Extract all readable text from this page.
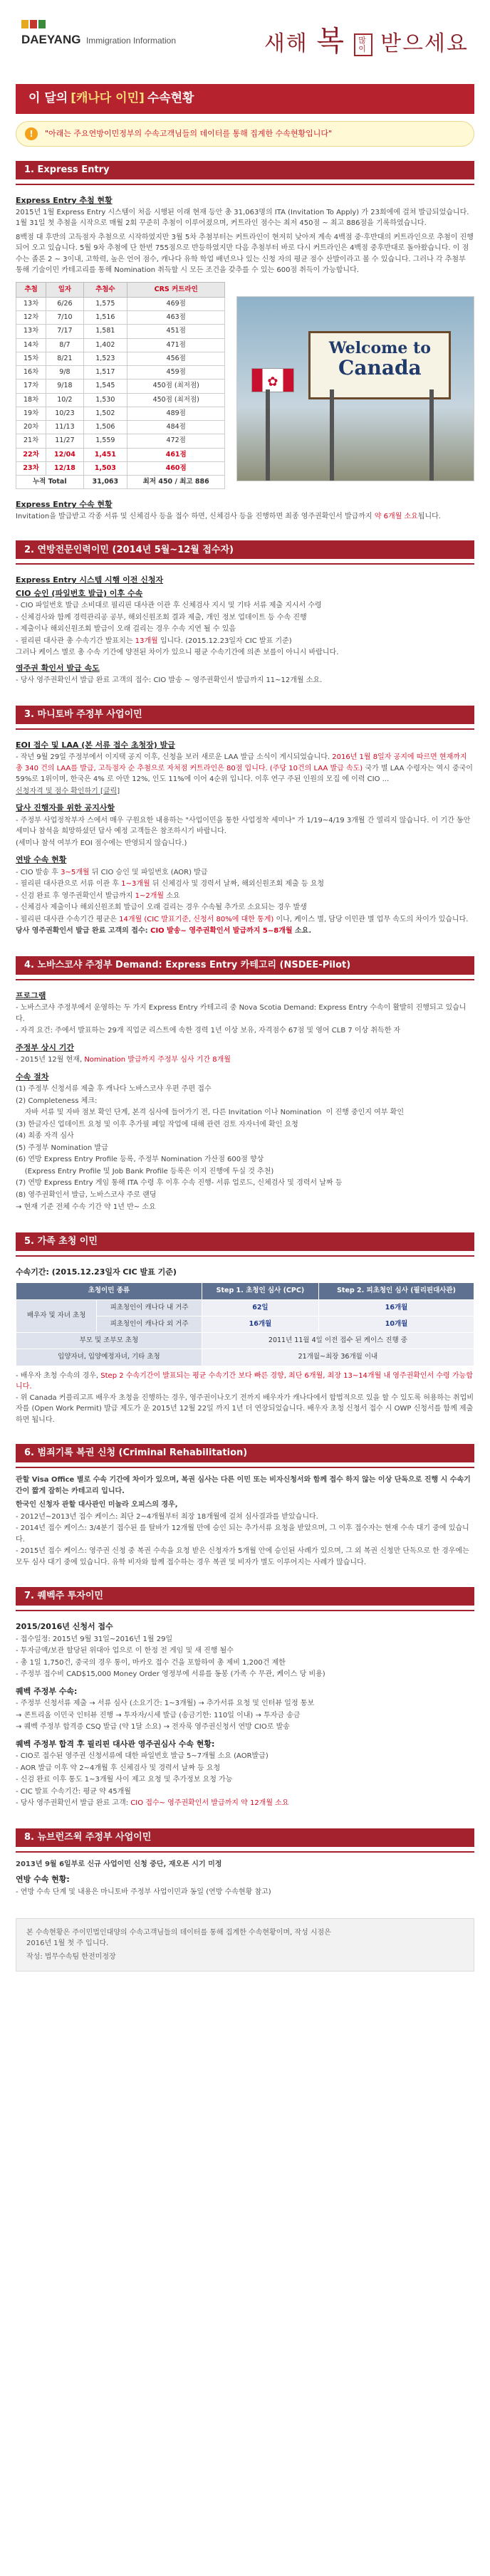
DAEYANG Immigration Information	새해 복 많이 받으세요
이 달의 [캐나다 이민] 수속현황
!	"아래는 주요연방이민정부의 수속고객님들의 데이터를 통해 집계한 수속현황입니다"
1. Express Entry
Express Entry 추첨 현황

2015년 1월 Express Entry 시스템이 처음 시행된 이래 현재 등안 총 31,063명의 ITA (Invitation To Apply) 가 23회에에 걸쳐 발급되었습니다. 1월 31일 첫 추첨을 시작으로 매월 2회 꾸준히 추첨이 이루어졌으며, 커트라인 점수는 최저 450점 ~ 최고 886점을 기록하였습니다.

8백점 대 후반의 고득점자 추첨으로 시작하였지만 3월 5차 추첨부터는 커트라인이 현저히 낮아져 계속 4백점 중·후반대의 커트라인으로 추첨이 진행되어 오고 있습니다. 5월 9차 추첨에 단 한번 755점으로 반등하였지만 다음 추첨부터 바로 다시 커트라인은 4백점 중후반대로 돌아왔습니다. 이 점수는 졸론 2 ~ 3이내, 고학력, 높은 언어 점수, 캐나다 유학 학업 배년으나 있는 신청 자의 평균 점수 산발이라고 볼 수 있습니다. 그러나 각 추첨부 통해 기술이민 카테고리를 통해 Nomination 취득할 시 모든 조건을 갖추를 수 있는 600점 취득이 가능합니다.

추첨	일자	추첨수	CRS 커트라인
13차	6/26	1,575	469점
12차	7/10	1,516	463점
13차	7/17	1,581	451점
14차	8/7	1,402	471점
15차	8/21	1,523	456점
16차	9/8	1,517	459점
17차	9/18	1,545	450점 (최저점)
18차	10/2	1,530	450점 (최저점)
19차	10/23	1,502	489점
20차	11/13	1,506	484점
21차	11/27	1,559	472점
22차	12/04	1,451	461점
23차	12/18	1,503	460점
누적 Total		31,063	최저 450 / 최고 886
✿
Welcome to
Canada
Express Entry 수속 현황

Invitation을 발급받고 각종 서류 및 신체검사 등을 접수 하면, 신체검사 등을 진행하면 최종 영주권확인서 발급까지 약 6개월 소요됩니다.

2. 연방전문인력이민 (2014년 5월~12월 접수자)
Express Entry 시스템 시행 이전 신청자
CIO 승인 (파일번호 발급) 이후 수속

- CIO 파일번호 발급 소비대로 필리핀 대사관 이관 후 신체검사 지시 및 기타 서류 제출 지시서 수령

- 신체검사와 함께 경력관리공 공부, 해외신원조회 결과 제출, 개인 정보 업데이트 등 수속 진행

- 제출이나 해외신원조회 발급이 오래 걸리는 경우 수속 지연 될 수 있음

- 필리핀 대사관 총 수속기간 발표치는 13개월 입니다. (2015.12.23일자 CIC 발표 기준)

그러나 케이스 별로 총 수속 기간에 양전된 차이가 있으니 평균 수속기간에 의존 보를이 아니시 바랍니다.

영주권 확인서 발급 속도

- 당사 영주권확인서 발급 완료 고객의 접수: CIO 발송 ~ 영주권확인서 발급까지 11~12개월 소요.

3. 마니토바 주정부 사업이민
EOI 접수 및 LAA (본 서류 접수 초청장) 발급

- 작년 9월 29일 주정부에서 이지택 공지 이후, 신청을 보러 새로운 LAA 발급 소식이 게시되었습니다. 2016년 1월 8일자 공지에 따르면 현재까지 총 340 건의 LAA를 발급, 고득점자 순 추첨으로 자처점 커트라인은 80점 입니다. (주당 10건의 LAA 발급 속도) 국가 별 LAA 수령자는 역시 중국이 59%로 1위이며, 한국은 4% 로 아만 12%, 인도 11%에 이어 4순위 입니다. 이후 연구 주된 인원의 모집 에 이력 CIO ...

신청자격 및 점수 확인하기 [클릭]

답사 진행자를 위한 공지사항

- 주정부 사업정착부자 스에서 매우 구원요한 내용하는 "사업이민을 통한 사업정착 세미나" 가 1/19~4/19 3개월 간 열리지 않습니다. 이 기간 동안 세미나 참석을 희망하셨던 답사 예정 고객들은 참조하시기 바랍니다.

(세미나 참석 여부가 EOI 점수에는 반영되지 않습니다.)

연방 수속 현황

- CIO 발송 후 3~5개월 뒤 CIO 승인 및 파일번호 (AOR) 발급

- 필리핀 대사관으로 서류 이관 후 1~3개월 뒤 신체검사 및 경력서 날짜, 해외신원조회 제출 등 요청

- 신검 완료 후 영주권확인서 발급까지 1~2개월 소요

- 신체검사 제출이나 해외신원조회 발급이 오래 걸리는 경우 수속될 추가로 소요되는 경우 발생

- 필리핀 대사관 수속기간 평균은 14개월 (CIC 발표기준, 신청서 80%에 대한 통계) 이나, 케이스 별, 담당 이민관 별 업무 속도의 차이가 있습니다.

당사 영주권확인서 발급 완료 고객의 접수: CIO 발송~ 영주권확인서 발급까지 5~8개월 소요.

4. 노바스코샤 주정부 Demand: Express Entry 카테고리 (NSDEE-Pilot)
프로그램

- 노바스코샤 주정부에서 운영하는 두 가지 Express Entry 카테고리 중 Nova Scotia Demand: Express Entry 수속이 활발히 진행되고 있습니다.

- 자격 요건: 주에서 발표하는 29개 직업군 리스트에 속한 경력 1년 이상 보유, 자격점수 67점 및 영어 CLB 7 이상 취득한 자

주정부 상시 기간

- 2015년 12월 현재, Nomination 발급까지 주정부 심사 기간 8개월

수속 절차

(1) 주정부 신청서류 제출 후 캐나다 노바스코샤 우편 주편 접수

(2) Completeness 체크:

자바 서류 및 자바 점보 확인 단계, 본격 심사에 들어가기 전, 다른 Invitation 이나 Nomination  이 진행 중인지 여부 확인

(3) 한글자신 업데이트 요청 및 이후 추가필 폐일 작업에 대해 관련 검토 자자너에 확인 요청

(4) 최종 자격 심사

(5) 주정부 Nomination 발급

(6) 연방 Express Entry Profile 등록, 주정부 Nomination 가산점 600점 향상

(Express Entry Profile 및 Job Bank Profile 등록은 이지 진행에 두실 것 추천)

(7) 연방 Express Entry 게임 통해 ITA 수령 후 이후 수속 진행- 서류 업로드, 신체검사 및 경력서 날짜 등

(8) 영주권확인서 발급, 노바스코샤 주로 랜딩

→ 현재 기준 전체 수속 기간 약 1년 반~ 소요

5. 가족 초청 이민
수속기간: (2015.12.23일자 CIC 발표 기준)
초청이민 종류		Step 1. 초청인 심사 (CPC)	Step 2. 피초청인 심사 (필리핀대사관)
배우자 및 자녀 초청	피초청인이 캐나다 내 거주	62일	16개월
	피초청인이 캐나다 외 거주	16개월	10개월
부모 및 조부모 초청		2011년 11월 4일 이전 접수 된 케이스 진행 중	
입양자녀, 입양예정자녀, 기타 초청		21개월~최장 36개월 이내	

- 배우자 초청 수속의 경우, Step 2 수속기간이 발표되는 평균 수속기간 보다 빠른 경향, 최단 6개월, 최장 13~14개월 내 영주권확인서 수령 가능합니다.

- 위 Canada 커플리고프 배우자 초청을 진행하는 경우, 영주권이나오기 전까지 배우자가 캐나다에서 합법적으로 있을 할 수 있도록 허용하는 취업비자를 (Open Work Permit) 발급 제도가 운 2015년 12월 22일 까지 1년 더 연장되었습니다. 배우자 초청 신청서 접수 시 OWP 신청서를 함께 제출하면 됩니다.

6. 범죄기록 복권 신청 (Criminal Rehabilitation)

관할 Visa Office 별로 수속 기간에 차이가 있으며, 복권 심사는 다른 이민 또는 비자신청서와 함께 접수 하지 않는 이상 단독으로 진행 시 수속기간이 짧게 잡히는 카테고리 입니다.

한국인 신청자 관할 대사관인 미놀라 오피스의 경우,

- 2012년~2013년 접수 케이스: 최단 2~4개월부터 최장 18개월에 걸쳐 심사결과를 받았습니다.

- 2014년 접수 케이스: 3/4분기 접수된 를 탈바가 12개월 만에 승인 되는 추가서류 요청을 받았으며, 그 이후 접수자는 현재 수속 대기 중에 있습니다.

- 2015년 접수 케이스: 영주권 신청 중 복권 수속을 요청 받은 신청자가 5개월 안에 승인된 사례가 있으며, 그 외 복권 신청만 단독으로 한 경우에는 모두 심사 대기 중에 있습니다. 유학 비자와 함께 접수하는 경우 복권 및 비자가 별도 이루어지는 사례가 많습니다.

7. 퀘벡주 투자이민
2015/2016년 신청서 접수

- 접수일정: 2015년 9월 31일~2016년 1월 29일

- 투자금액/보관 할당된 위대아 업으로 이 한정 전 게임 및 새 진행 될수

- 총 1일 1,750건, 중국의 경우 통이, 마카오 접수 건을 포함하여 총 제비 1,200건 제한

- 주정부 접수비 CAD$15,000 Money Order 영정부에 서류를 동봉 (가족 수 무관, 케이스 당 비용)

퀘벡 주정부 수속:

- 주정부 신청서류 제출 → 서류 심사 (소요기간: 1~3개월) → 추가서류 요청 및 인터뷰 일정 통보

→ 콘트리올 이민국 인터뷰 진행 → 투자자/시세 발급 (송금기한: 110일 이내) → 투자금 송금

→ 퀘벡 주정부 합격증 CSQ 발급 (약 1달 소요) → 전자룩 영주권신청서 연방 CIO로 발송

퀘벡 주정부 합격 후 필리핀 대사관 영주권심사 수속 현황:

- CIO로 접수된 영주권 신청서류에 대한 파일번호 발급 5~7개월 소요 (AOR발급)

- AOR 발급 이후 약 2~4개월 후 신체검사 및 경력서 날짜 등 요청

- 신검 완료 이후 통도 1~3개월 사이 제고 요청 및 추가정보 요청 가능

- CIC 발표 수속기간: 평균 약 45개월

- 당사 영주권확인서 발급 완료 고객: CIO 접수~ 영주권확인서 발급까지 약 12개월 소요

8. 뉴브런즈윅 주정부 사업이민

2013년 9월 6일부로 신규 사업이민 신청 중단, 재오픈 시기 미정

연방 수속 현황:

- 연방 수속 단계 및 내용은 마니토바 주정부 사업이민과 동일 (연방 수속현황 참고)

본 수속현황은 주이민법인대양의 수속고객님들의 데이터를 통해 집계한 수속현황이며, 작성 시점은

2016년 1월 첫 주 입니다.

작성: 법무수속팀 한전미정장
